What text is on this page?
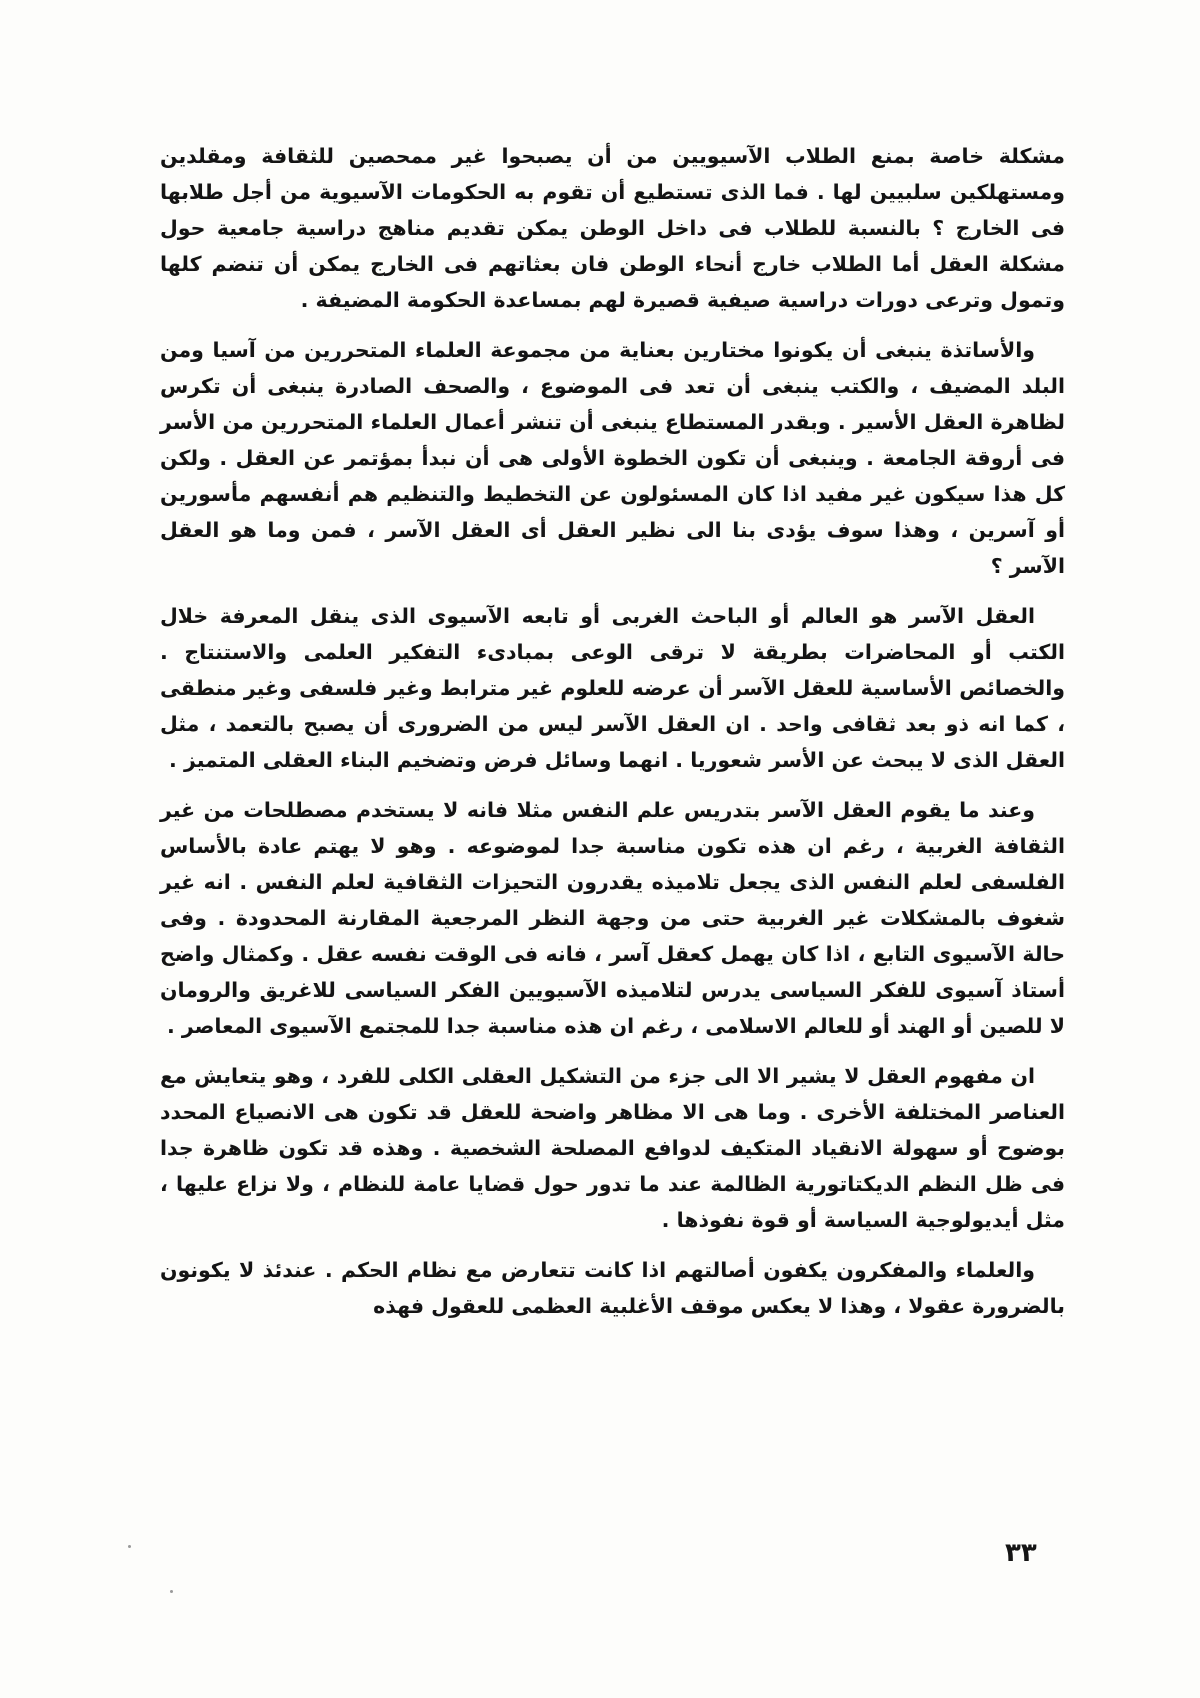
مشكلة خاصة بمنع الطلاب الآسيويين من أن يصبحوا غير ممحصين للثقافة ومقلدين ومستهلكين سلبيين لها . فما الذى تستطيع أن تقوم به الحكومات الآسيوية من أجل طلابها فى الخارج ؟ بالنسبة للطلاب فى داخل الوطن يمكن تقديم مناهج دراسية جامعية حول مشكلة العقل أما الطلاب خارج أنحاء الوطن فان بعثاتهم فى الخارج يمكن أن تنضم كلها وتمول وترعى دورات دراسية صيفية قصيرة لهم بمساعدة الحكومة المضيفة .

والأساتذة ينبغى أن يكونوا مختارين بعناية من مجموعة العلماء المتحررين من آسيا ومن البلد المضيف ، والكتب ينبغى أن تعد فى الموضوع ، والصحف الصادرة ينبغى أن تكرس لظاهرة العقل الأسير . وبقدر المستطاع ينبغى أن تنشر أعمال العلماء المتحررين من الأسر فى أروقة الجامعة . وينبغى أن تكون الخطوة الأولى هى أن نبدأ بمؤتمر عن العقل . ولكن كل هذا سيكون غير مفيد اذا كان المسئولون عن التخطيط والتنظيم هم أنفسهم مأسورين أو آسرين ، وهذا سوف يؤدى بنا الى نظير العقل أى العقل الآسر ، فمن وما هو العقل الآسر ؟

العقل الآسر هو العالم أو الباحث الغربى أو تابعه الآسيوى الذى ينقل المعرفة خلال الكتب أو المحاضرات بطريقة لا ترقى الوعى بمبادىء التفكير العلمى والاستنتاج . والخصائص الأساسية للعقل الآسر أن عرضه للعلوم غير مترابط وغير فلسفى وغير منطقى ، كما انه ذو بعد ثقافى واحد . ان العقل الآسر ليس من الضرورى أن يصبح بالتعمد ، مثل العقل الذى لا يبحث عن الأسر شعوريا . انهما وسائل فرض وتضخيم البناء العقلى المتميز .

وعند ما يقوم العقل الآسر بتدريس علم النفس مثلا فانه لا يستخدم مصطلحات من غير الثقافة الغربية ، رغم ان هذه تكون مناسبة جدا لموضوعه . وهو لا يهتم عادة بالأساس الفلسفى لعلم النفس الذى يجعل تلاميذه يقدرون التحيزات الثقافية لعلم النفس . انه غير شغوف بالمشكلات غير الغربية حتى من وجهة النظر المرجعية المقارنة المحدودة . وفى حالة الآسيوى التابع ، اذا كان يهمل كعقل آسر ، فانه فى الوقت نفسه عقل . وكمثال واضح أستاذ آسيوى للفكر السياسى يدرس لتلاميذه الآسيويين الفكر السياسى للاغريق والرومان لا للصين أو الهند أو للعالم الاسلامى ، رغم ان هذه مناسبة جدا للمجتمع الآسيوى المعاصر .

ان مفهوم العقل لا يشير الا الى جزء من التشكيل العقلى الكلى للفرد ، وهو يتعايش مع العناصر المختلفة الأخرى . وما هى الا مظاهر واضحة للعقل قد تكون هى الانصياع المحدد بوضوح أو سهولة الانقياد المتكيف لدوافع المصلحة الشخصية . وهذه قد تكون ظاهرة جدا فى ظل النظم الديكتاتورية الظالمة عند ما تدور حول قضايا عامة للنظام ، ولا نزاع عليها ، مثل أيديولوجية السياسة أو قوة نفوذها .

والعلماء والمفكرون يكفون أصالتهم اذا كانت تتعارض مع نظام الحكم . عندئذ لا يكونون بالضرورة عقولا ، وهذا لا يعكس موقف الأغلبية العظمى للعقول فهذه

٣٣
